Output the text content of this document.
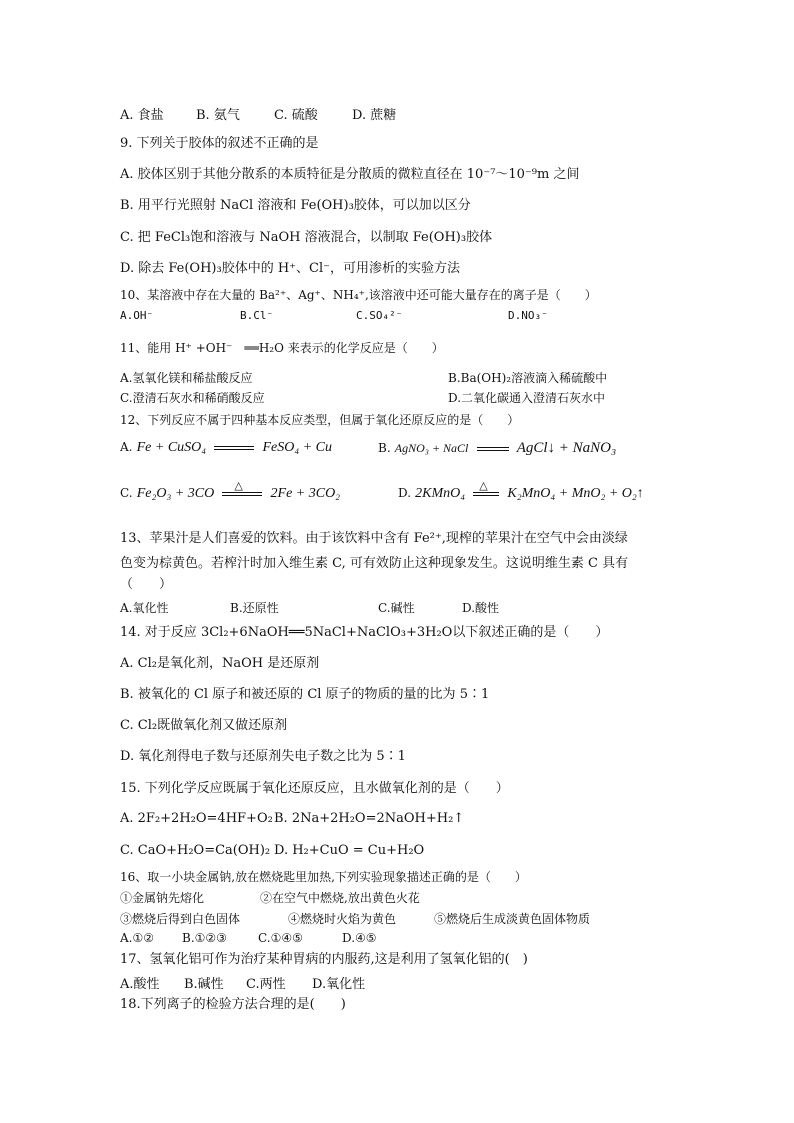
A. 食盐 B. 氨气	C. 硫酸	D. 蔗糖
9. 下列关于胶体的叙述不正确的是
A. 胶体区别于其他分散系的本质特征是分散质的微粒直径在 10⁻⁷～10⁻⁹m 之间
B. 用平行光照射 NaCl 溶液和 Fe(OH)₃胶体，可以加以区分
C. 把 FeCl₃饱和溶液与 NaOH 溶液混合，以制取 Fe(OH)₃胶体
D. 除去 Fe(OH)₃胶体中的 H⁺、Cl⁻，可用渗析的实验方法
10、某溶液中存在大量的 Ba²⁺、Ag⁺、NH₄⁺,该溶液中还可能大量存在的离子是（　　）
A.OH⁻	B.Cl⁻	C.SO₄²⁻	D.NO₃⁻
11、能用 H⁺ +OH⁻　══H₂O 来表示的化学反应是（　　）
A.氢氧化镁和稀盐酸反应	B.Ba(OH)₂溶液滴入稀硫酸中
C.澄清石灰水和稀硝酸反应	D.二氧化碳通入澄清石灰水中
12、下列反应不属于四种基本反应类型，但属于氧化还原反应的是（　　）
A. Fe + CuSO₄	FeSO₄ + Cu	B. AgNO₃ + NaCl	AgCl↓ + NaNO₃
C. Fe₂O₃ + 3CO
△
2Fe + 3CO₂	D. 2KMnO₄
△
K₂MnO₄ + MnO₂ + O₂↑
13、苹果汁是人们喜爱的饮料。由于该饮料中含有 Fe²⁺,现榨的苹果汁在空气中会由淡绿
色变为棕黄色。若榨汁时加入维生素 C, 可有效防止这种现象发生。这说明维生素 C 具有
（　　）
A.氧化性	B.还原性	C.碱性	D.酸性
14. 对于反应 3Cl₂+6NaOH══5NaCl+NaClO₃+3H₂O以下叙述正确的是（　　）
A. Cl₂是氧化剂，NaOH 是还原剂
B. 被氧化的 Cl 原子和被还原的 Cl 原子的物质的量的比为 5∶1
C. Cl₂既做氧化剂又做还原剂
D. 氧化剂得电子数与还原剂失电子数之比为 5∶1
15. 下列化学反应既属于氧化还原反应，且水做氧化剂的是（　　）
A. 2F₂+2H₂O=4HF+O₂ B. 2Na+2H₂O=2NaOH+H₂↑
C. CaO+H₂O=Ca(OH)₂ D. H₂+CuO = Cu+H₂O
16、取一小块金属钠,放在燃烧匙里加热,下列实验现象描述正确的是（　　）
①金属钠先熔化	②在空气中燃烧,放出黄色火花
③燃烧后得到白色固体	④燃烧时火焰为黄色	⑤燃烧后生成淡黄色固体物质
A.①② B.①②③	C.①④⑤	D.④⑤
17、氢氧化铝可作为治疗某种胃病的内服药,这是利用了氢氧化铝的(　)
A.酸性 B.碱性 C.两性 D.氧化性
18.下列离子的检验方法合理的是(　　)
